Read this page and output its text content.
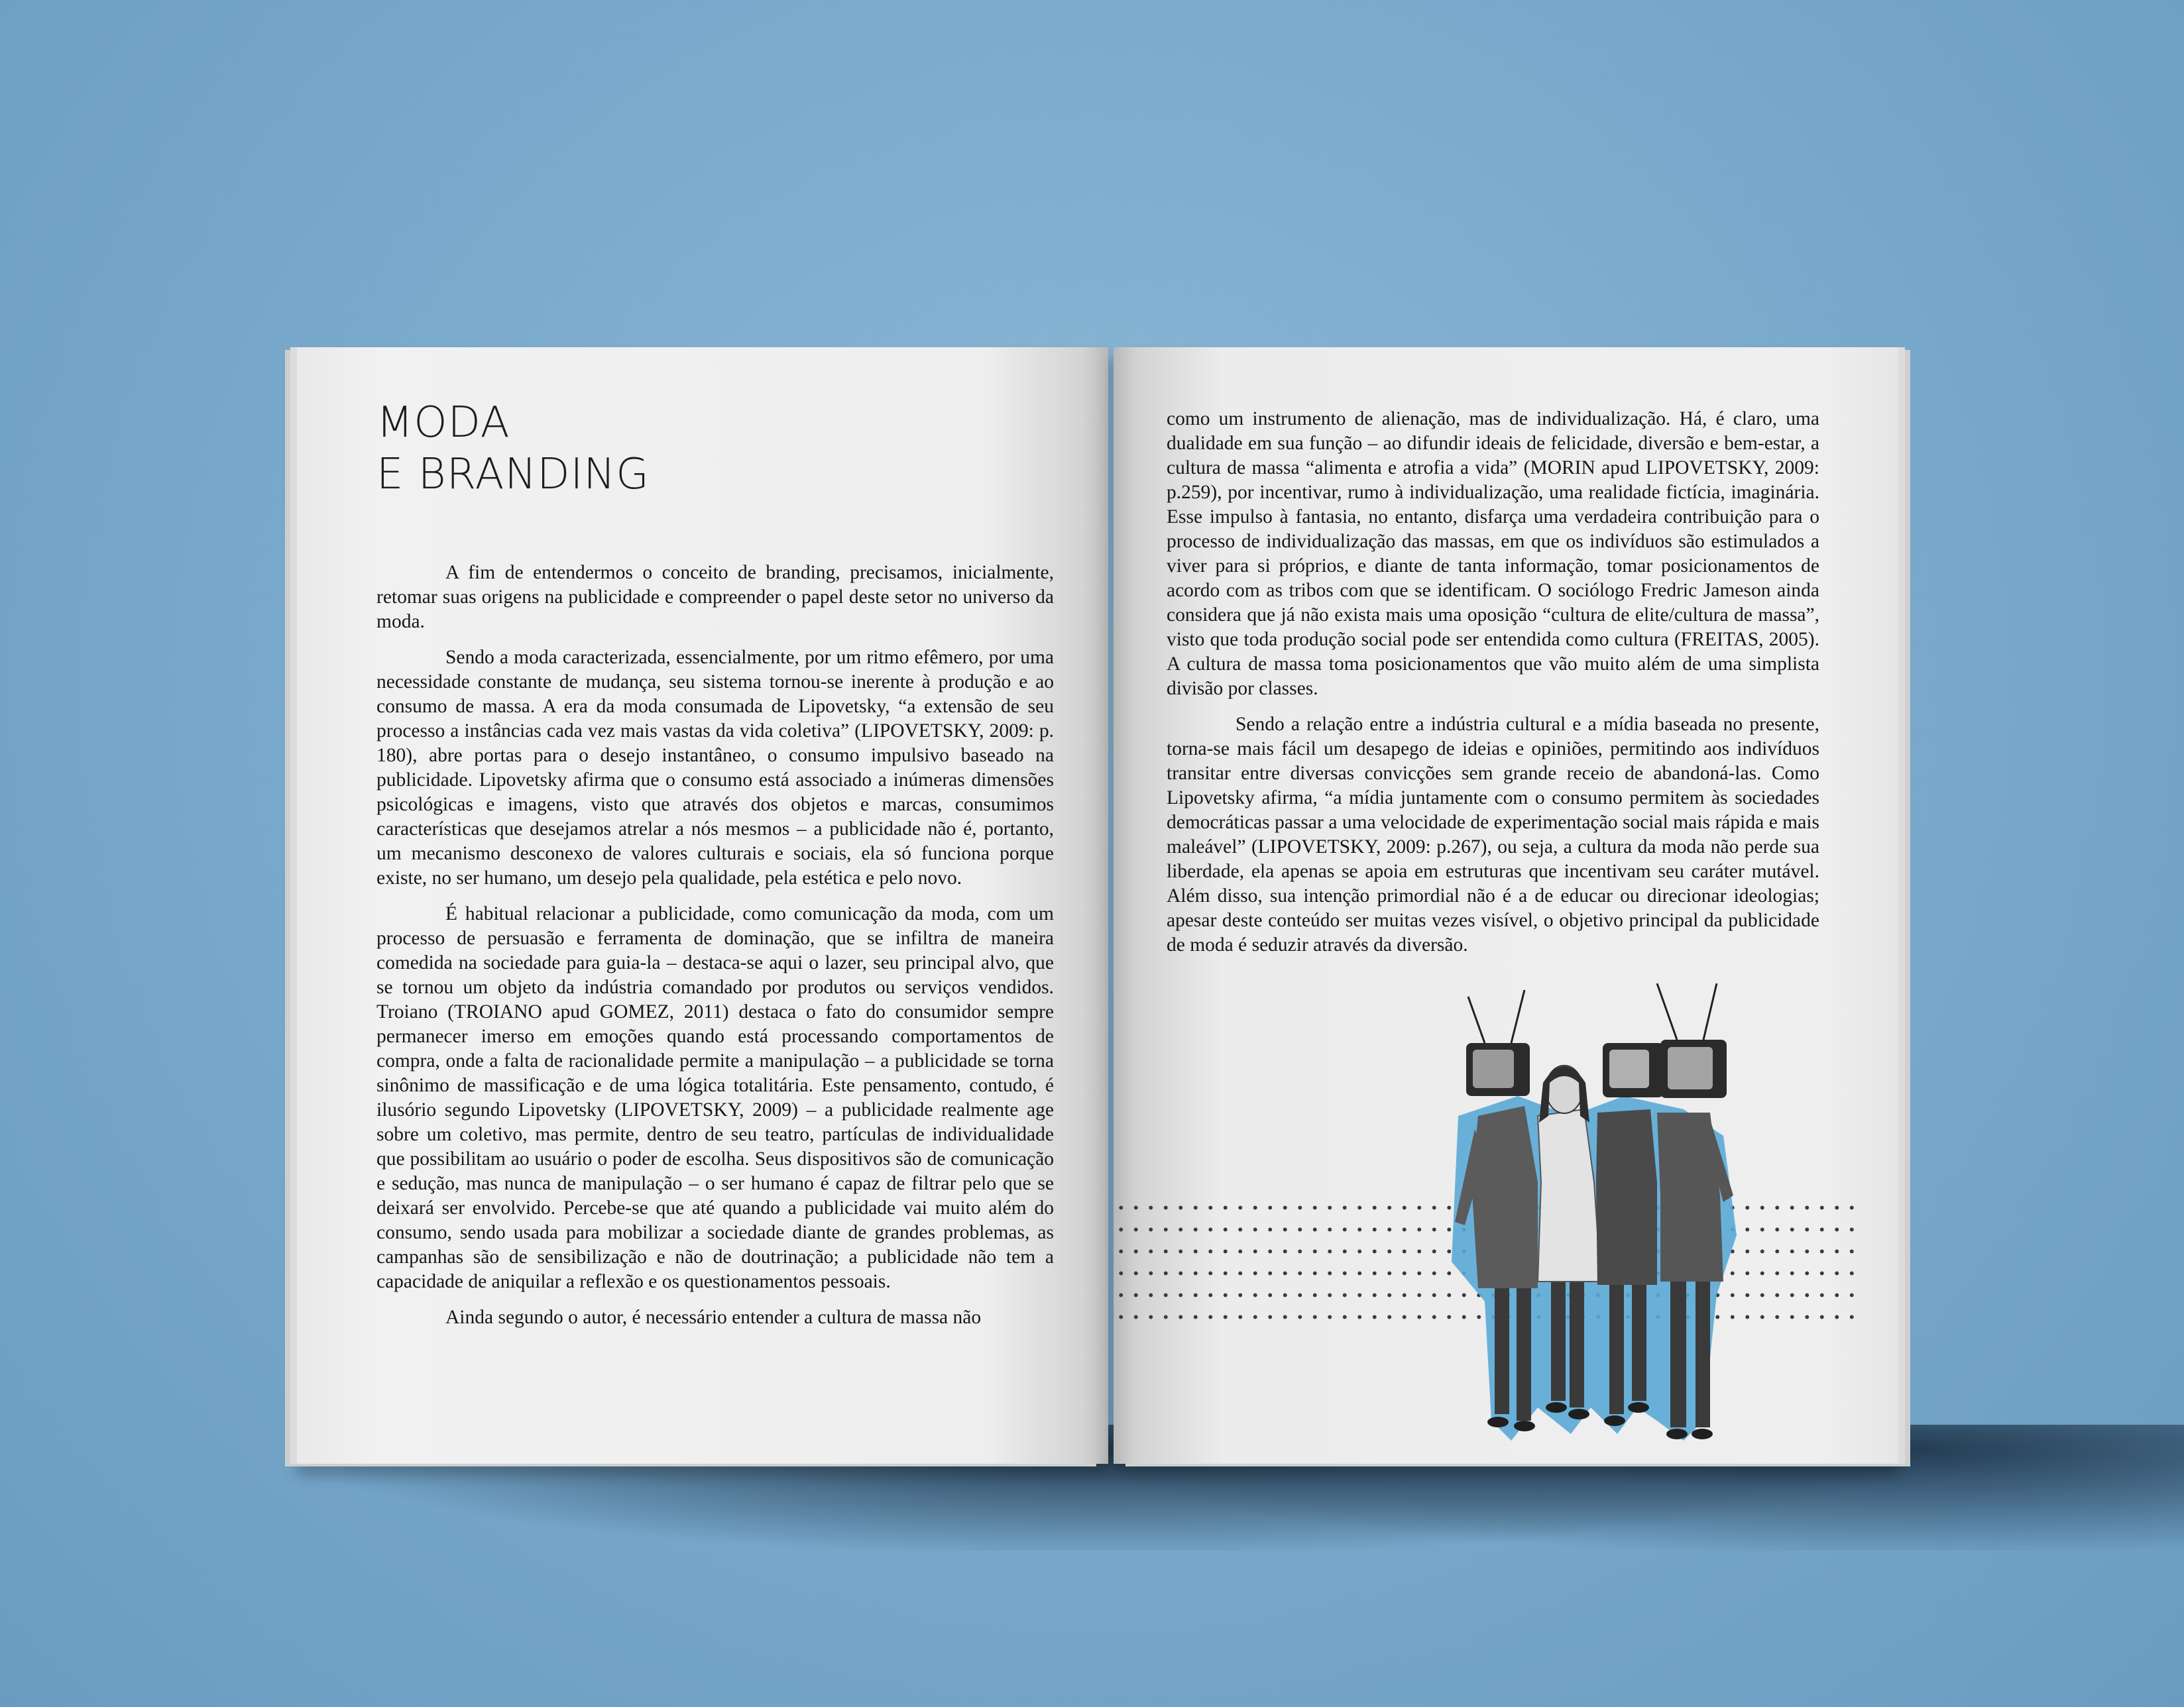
MODA
E BRANDING

A fim de entendermos o conceito de branding, precisamos, inicialmente, retomar suas origens na publicidade e compreender o papel deste setor no universo da moda.

Sendo a moda caracterizada, essencialmente, por um ritmo efêmero, por uma necessidade constante de mudança, seu sistema tornou-se inerente à produção e ao consumo de massa. A era da moda consumada de Lipovetsky, “a extensão de seu processo a instâncias cada vez mais vastas da vida coletiva” (LIPOVETSKY, 2009: p. 180), abre portas para o desejo instantâneo, o consumo impulsivo baseado na publicidade. Lipovetsky afirma que o consumo está associado a inúmeras dimensões psicológicas e imagens, visto que através dos objetos e marcas, consumimos características que desejamos atrelar a nós mesmos – a publicidade não é, portanto, um mecanismo desconexo de valores culturais e sociais, ela só funciona porque existe, no ser humano, um desejo pela qualidade, pela estética e pelo novo.

É habitual relacionar a publicidade, como comunicação da moda, com um processo de persuasão e ferramenta de dominação, que se infiltra de maneira comedida na sociedade para guia-la – destaca-se aqui o lazer, seu principal alvo, que se tornou um objeto da indústria comandado por produtos ou serviços vendidos. Troiano (TROIANO apud GOMEZ, 2011) destaca o fato do consumidor sempre permanecer imerso em emoções quando está processando comportamentos de compra, onde a falta de racionalidade permite a manipulação – a publicidade se torna sinônimo de massificação e de uma lógica totalitária. Este pensamento, contudo, é ilusório segundo Lipovetsky (LIPOVETSKY, 2009) – a publicidade realmente age sobre um coletivo, mas permite, dentro de seu teatro, partículas de individualidade que possibilitam ao usuário o poder de escolha. Seus dispositivos são de comunicação e sedução, mas nunca de manipulação – o ser humano é capaz de filtrar pelo que se deixará ser envolvido. Percebe-se que até quando a publicidade vai muito além do consumo, sendo usada para mobilizar a sociedade diante de grandes problemas, as campanhas são de sensibilização e não de doutrinação; a publicidade não tem a capacidade de aniquilar a reflexão e os questionamentos pessoais.

Ainda segundo o autor, é necessário entender a cultura de massa não

como um instrumento de alienação, mas de individualização. Há, é claro, uma dualidade em sua função – ao difundir ideais de felicidade, diversão e bem-estar, a cultura de massa “alimenta e atrofia a vida” (MORIN apud LIPOVETSKY, 2009: p.259), por incentivar, rumo à individualização, uma realidade fictícia, imaginária. Esse impulso à fantasia, no entanto, disfarça uma verdadeira contribuição para o processo de individualização das massas, em que os indivíduos são estimulados a viver para si próprios, e diante de tanta informação, tomar posicionamentos de acordo com as tribos com que se identificam. O sociólogo Fredric Jameson ainda considera que já não exista mais uma oposição “cultura de elite/cultura de massa”, visto que toda produção social pode ser entendida como cultura (FREITAS, 2005). A cultura de massa toma posicionamentos que vão muito além de uma simplista divisão por classes.

Sendo a relação entre a indústria cultural e a mídia baseada no presente, torna-se mais fácil um desapego de ideias e opiniões, permitindo aos indivíduos transitar entre diversas convicções sem grande receio de abandoná-las. Como Lipovetsky afirma, “a mídia juntamente com o consumo permitem às sociedades democráticas passar a uma velocidade de experimentação social mais rápida e mais maleável” (LIPOVETSKY, 2009: p.267), ou seja, a cultura da moda não perde sua liberdade, ela apenas se apoia em estruturas que incentivam seu caráter mutável. Além disso, sua intenção primordial não é a de educar ou direcionar ideologias; apesar deste conteúdo ser muitas vezes visível, o objetivo principal da publicidade de moda é seduzir através da diversão.
